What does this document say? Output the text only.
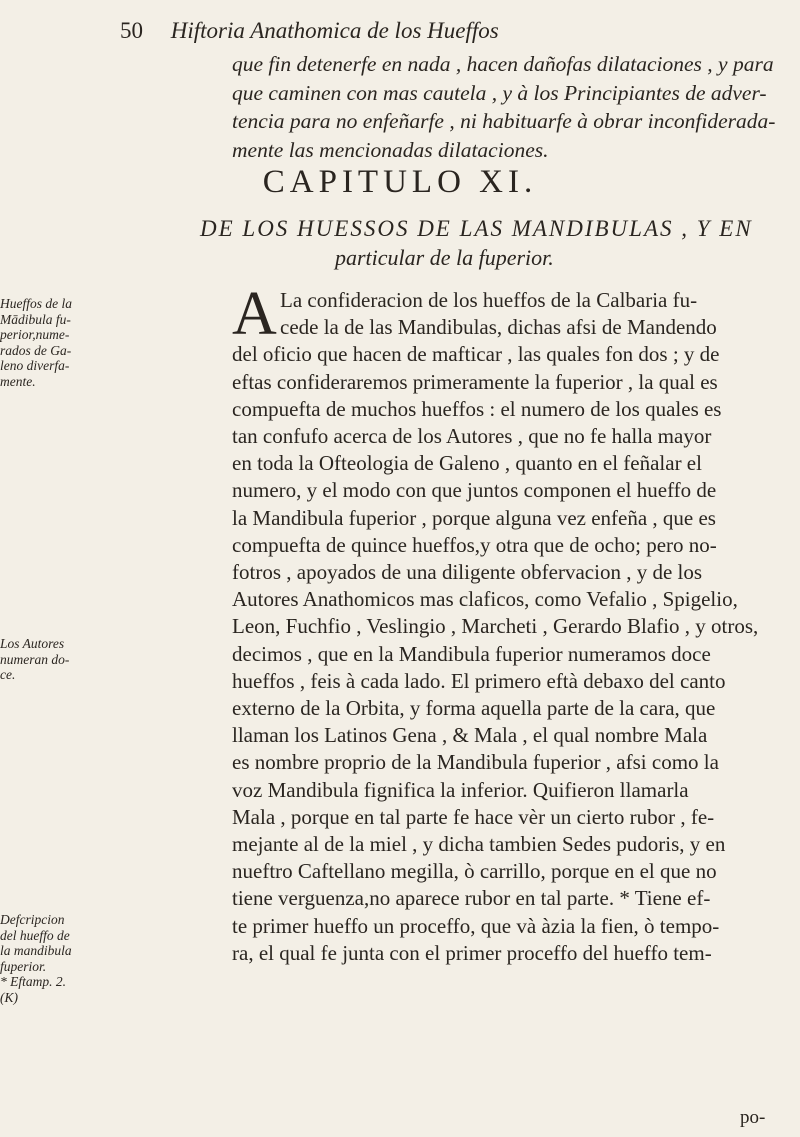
50 Hiftoria Anathomica de los Hueffos
que fin detenerfe en nada , hacen dañofas dilataciones , y para
que caminen con mas cautela , y à los Principiantes de adver-
tencia para no enfeñarfe , ni habituarfe à obrar inconfiderada-
mente las mencionadas dilataciones.
CAPITULO XI.
DE LOS HUESSOS DE LAS MANDIBULAS , Y EN
particular de la fuperior.
A La confideracion de los hueffos de la Calbaria fu-
cede la de las Mandibulas, dichas afsi de Mandendo
del oficio que hacen de mafticar , las quales fon dos ; y de
eftas confideraremos primeramente la fuperior , la qual es
compuefta de muchos hueffos : el numero de los quales es
tan confufo acerca de los Autores , que no fe halla mayor
en toda la Ofteologia de Galeno , quanto en el feñalar el
numero, y el modo con que juntos componen el hueffo de
la Mandibula fuperior , porque alguna vez enfeña , que es
compuefta de quince hueffos,y otra que de ocho; pero no-
fotros , apoyados de una diligente obfervacion , y de los
Autores Anathomicos mas claficos, como Vefalio , Spigelio,
Leon, Fuchfio , Veslingio , Marcheti , Gerardo Blafio , y otros,
decimos , que en la Mandibula fuperior numeramos doce
hueffos , feis à cada lado. El primero eftà debaxo del canto
externo de la Orbita, y forma aquella parte de la cara, que
llaman los Latinos Gena , & Mala , el qual nombre Mala
es nombre proprio de la Mandibula fuperior , afsi como la
voz Mandibula fignifica la inferior. Quifieron llamarla
Mala , porque en tal parte fe hace vèr un cierto rubor , fe-
mejante al de la miel , y dicha tambien Sedes pudoris, y en
nueftro Caftellano megilla, ò carrillo, porque en el que no
tiene verguenza,no aparece rubor en tal parte. * Tiene ef-
te primer hueffo un proceffo, que và àzia la fien, ò tempo-
ra, el qual fe junta con el primer proceffo del hueffo tem-
Hueffos de la
Mādibula fu-
perior,nume-
rados de Ga-
leno diverfa-
mente.
Los Autores
numeran do-
ce.
Defcripcion
del hueffo de
la mandibula
fuperior.
* Eftamp. 2.
(K)
po-
